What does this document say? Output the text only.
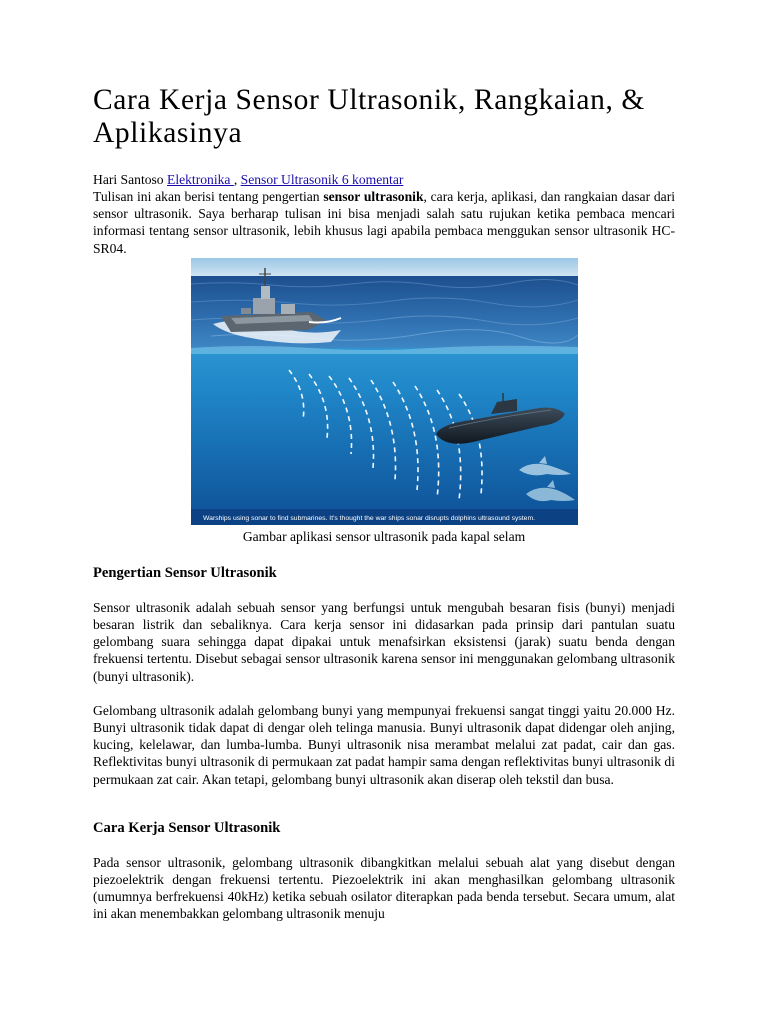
Cara Kerja Sensor Ultrasonik, Rangkaian, & Aplikasinya
Hari Santoso Elektronika , Sensor Ultrasonik 6 komentar

Tulisan ini akan berisi tentang pengertian sensor ultrasonik, cara kerja, aplikasi, dan rangkaian dasar dari sensor ultrasonik. Saya berharap tulisan ini bisa menjadi salah satu rujukan ketika pembaca mencari informasi tentang sensor ultrasonik, lebih khusus lagi apabila pembaca menggukan sensor ultrasonik HC-SR04.

Warships using sonar to find submarines. It's thought the war ships sonar disrupts dolphins ultrasound system.
Gambar aplikasi sensor ultrasonik pada kapal selam
Pengertian Sensor Ultrasonik

Sensor ultrasonik adalah sebuah sensor yang berfungsi untuk mengubah besaran fisis (bunyi) menjadi besaran listrik dan sebaliknya. Cara kerja sensor ini didasarkan pada prinsip dari pantulan suatu gelombang suara sehingga dapat dipakai untuk menafsirkan eksistensi (jarak) suatu benda dengan frekuensi tertentu. Disebut sebagai sensor ultrasonik karena sensor ini menggunakan gelombang ultrasonik (bunyi ultrasonik).

Gelombang ultrasonik adalah gelombang bunyi yang mempunyai frekuensi sangat tinggi yaitu 20.000 Hz. Bunyi ultrasonik tidak dapat di dengar oleh telinga manusia. Bunyi ultrasonik dapat didengar oleh anjing, kucing, kelelawar, dan lumba-lumba. Bunyi ultrasonik nisa merambat melalui zat padat, cair dan gas. Reflektivitas bunyi ultrasonik di permukaan zat padat hampir sama dengan reflektivitas bunyi ultrasonik di permukaan zat cair. Akan tetapi, gelombang bunyi ultrasonik akan diserap oleh tekstil dan busa.

Cara Kerja Sensor Ultrasonik

Pada sensor ultrasonik, gelombang ultrasonik dibangkitkan melalui sebuah alat yang disebut dengan piezoelektrik dengan frekuensi tertentu. Piezoelektrik ini akan menghasilkan gelombang ultrasonik (umumnya berfrekuensi 40kHz) ketika sebuah osilator diterapkan pada benda tersebut. Secara umum, alat ini akan menembakkan gelombang ultrasonik menuju
